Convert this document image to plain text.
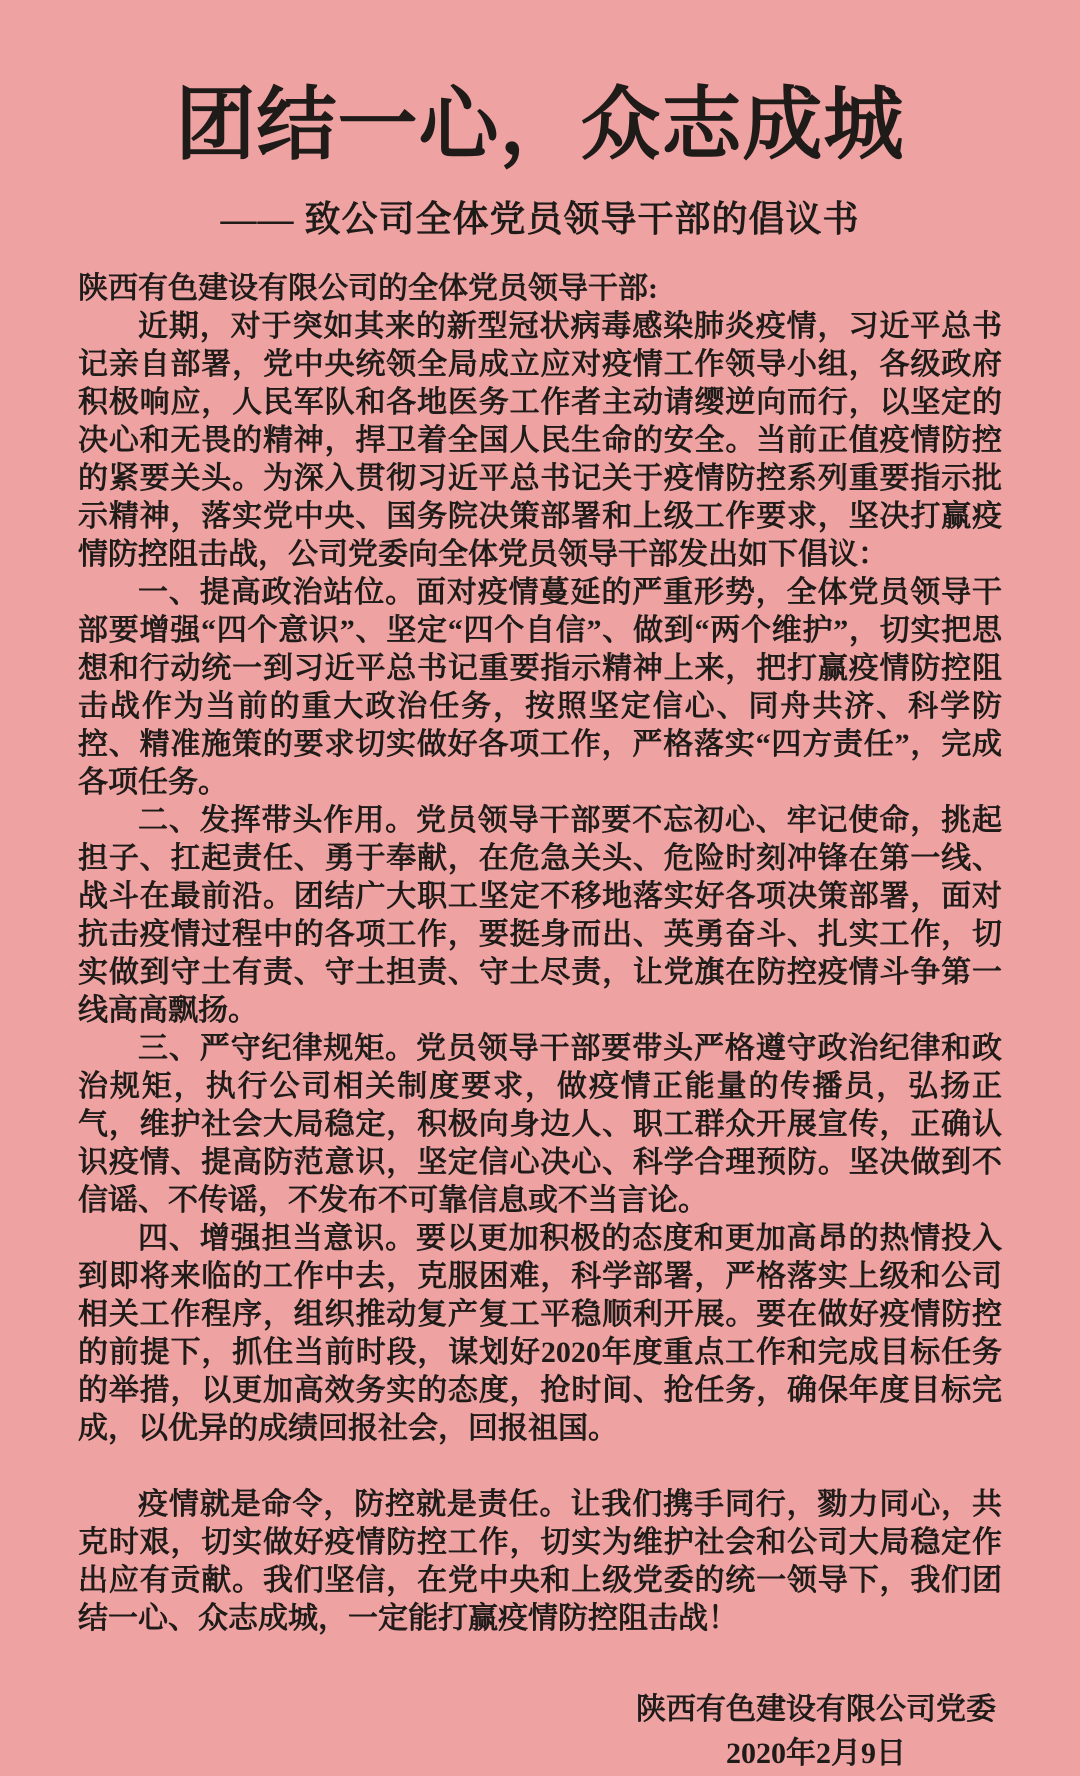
团结一心，众志成城
—— 致公司全体党员领导干部的倡议书

陕西有色建设有限公司的全体党员领导干部:

近期，对于突如其来的新型冠状病毒感染肺炎疫情，习近平总书记亲自部署，党中央统领全局成立应对疫情工作领导小组，各级政府积极响应，人民军队和各地医务工作者主动请缨逆向而行，以坚定的决心和无畏的精神，捍卫着全国人民生命的安全。当前正值疫情防控的紧要关头。为深入贯彻习近平总书记关于疫情防控系列重要指示批示精神，落实党中央、国务院决策部署和上级工作要求，坚决打赢疫情防控阻击战，公司党委向全体党员领导干部发出如下倡议：

一、提高政治站位。面对疫情蔓延的严重形势，全体党员领导干部要增强“四个意识”、坚定“四个自信”、做到“两个维护”，切实把思想和行动统一到习近平总书记重要指示精神上来，把打赢疫情防控阻击战作为当前的重大政治任务，按照坚定信心、同舟共济、科学防控、精准施策的要求切实做好各项工作，严格落实“四方责任”，完成各项任务。

二、发挥带头作用。党员领导干部要不忘初心、牢记使命，挑起担子、扛起责任、勇于奉献，在危急关头、危险时刻冲锋在第一线、战斗在最前沿。团结广大职工坚定不移地落实好各项决策部署，面对抗击疫情过程中的各项工作，要挺身而出、英勇奋斗、扎实工作，切实做到守土有责、守土担责、守土尽责，让党旗在防控疫情斗争第一线高高飘扬。

三、严守纪律规矩。党员领导干部要带头严格遵守政治纪律和政治规矩，执行公司相关制度要求，做疫情正能量的传播员，弘扬正气，维护社会大局稳定，积极向身边人、职工群众开展宣传，正确认识疫情、提高防范意识，坚定信心决心、科学合理预防。坚决做到不信谣、不传谣，不发布不可靠信息或不当言论。

四、增强担当意识。要以更加积极的态度和更加高昂的热情投入到即将来临的工作中去，克服困难，科学部署，严格落实上级和公司相关工作程序，组织推动复产复工平稳顺利开展。要在做好疫情防控的前提下，抓住当前时段，谋划好2020年度重点工作和完成目标任务的举措，以更加高效务实的态度，抢时间、抢任务，确保年度目标完成，以优异的成绩回报社会，回报祖国。

疫情就是命令，防控就是责任。让我们携手同行，勠力同心，共克时艰，切实做好疫情防控工作，切实为维护社会和公司大局稳定作出应有贡献。我们坚信，在党中央和上级党委的统一领导下，我们团结一心、众志成城，一定能打赢疫情防控阻击战！

陕西有色建设有限公司党委
2020年2月9日
